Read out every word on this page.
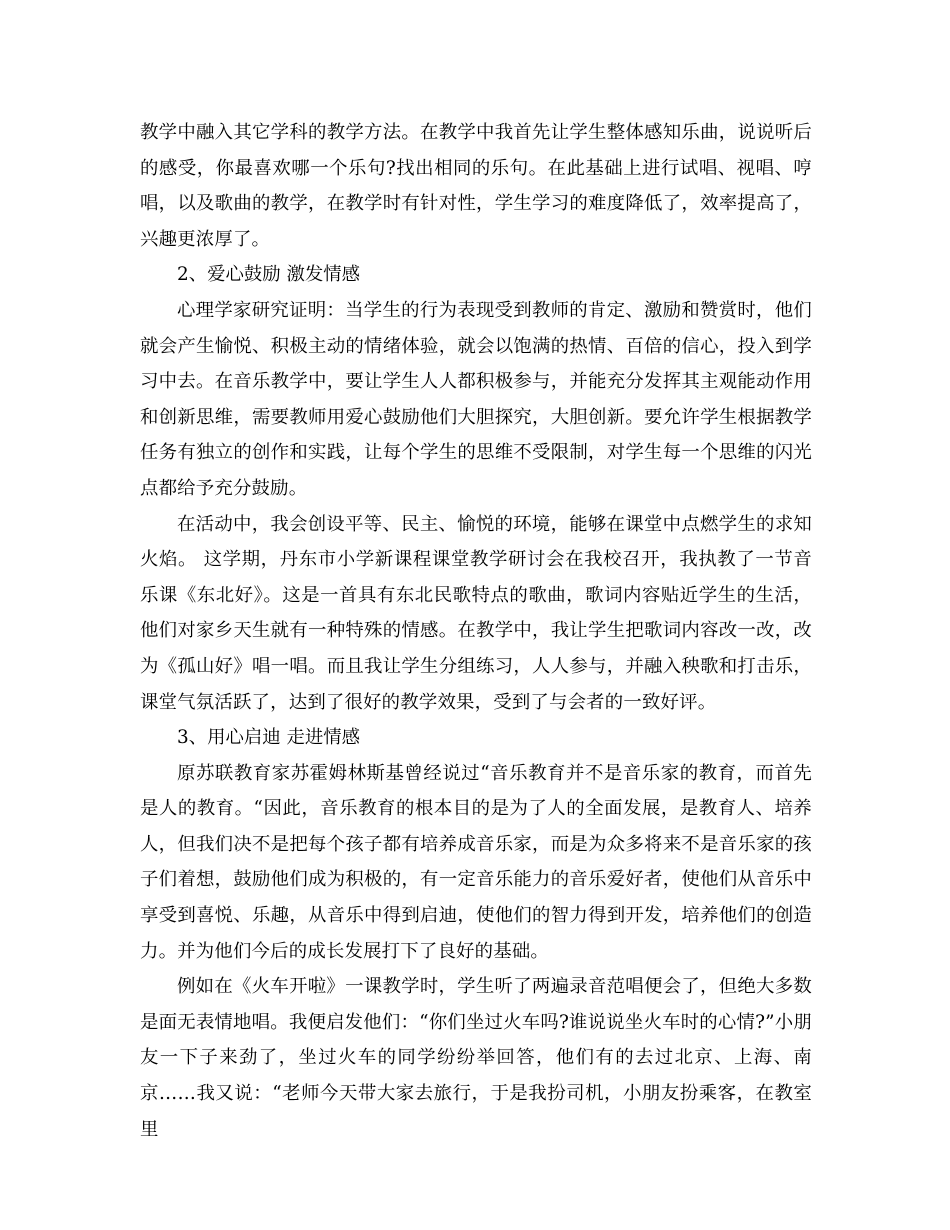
教学中融入其它学科的教学方法。在教学中我首先让学生整体感知乐曲，说说听后的感受，你最喜欢哪一个乐句?找出相同的乐句。在此基础上进行试唱、视唱、哼唱，以及歌曲的教学，在教学时有针对性，学生学习的难度降低了，效率提高了，兴趣更浓厚了。

2、爱心鼓励 激发情感

心理学家研究证明：当学生的行为表现受到教师的肯定、激励和赞赏时，他们就会产生愉悦、积极主动的情绪体验，就会以饱满的热情、百倍的信心，投入到学习中去。在音乐教学中，要让学生人人都积极参与，并能充分发挥其主观能动作用和创新思维，需要教师用爱心鼓励他们大胆探究，大胆创新。要允许学生根据教学任务有独立的创作和实践，让每个学生的思维不受限制，对学生每一个思维的闪光点都给予充分鼓励。

在活动中，我会创设平等、民主、愉悦的环境，能够在课堂中点燃学生的求知火焰。 这学期，丹东市小学新课程课堂教学研讨会在我校召开，我执教了一节音乐课《东北好》。这是一首具有东北民歌特点的歌曲，歌词内容贴近学生的生活，他们对家乡天生就有一种特殊的情感。在教学中，我让学生把歌词内容改一改，改为《孤山好》唱一唱。而且我让学生分组练习，人人参与，并融入秧歌和打击乐，课堂气氛活跃了，达到了很好的教学效果，受到了与会者的一致好评。

3、用心启迪 走进情感

原苏联教育家苏霍姆林斯基曾经说过“音乐教育并不是音乐家的教育，而首先是人的教育。“因此，音乐教育的根本目的是为了人的全面发展，是教育人、培养人，但我们决不是把每个孩子都有培养成音乐家，而是为众多将来不是音乐家的孩子们着想，鼓励他们成为积极的，有一定音乐能力的音乐爱好者，使他们从音乐中享受到喜悦、乐趣，从音乐中得到启迪，使他们的智力得到开发，培养他们的创造力。并为他们今后的成长发展打下了良好的基础。

例如在《火车开啦》一课教学时，学生听了两遍录音范唱便会了，但绝大多数是面无表情地唱。我便启发他们：“你们坐过火车吗?谁说说坐火车时的心情?”小朋友一下子来劲了，坐过火车的同学纷纷举回答，他们有的去过北京、上海、南京……我又说：“老师今天带大家去旅行，于是我扮司机，小朋友扮乘客，在教室里
